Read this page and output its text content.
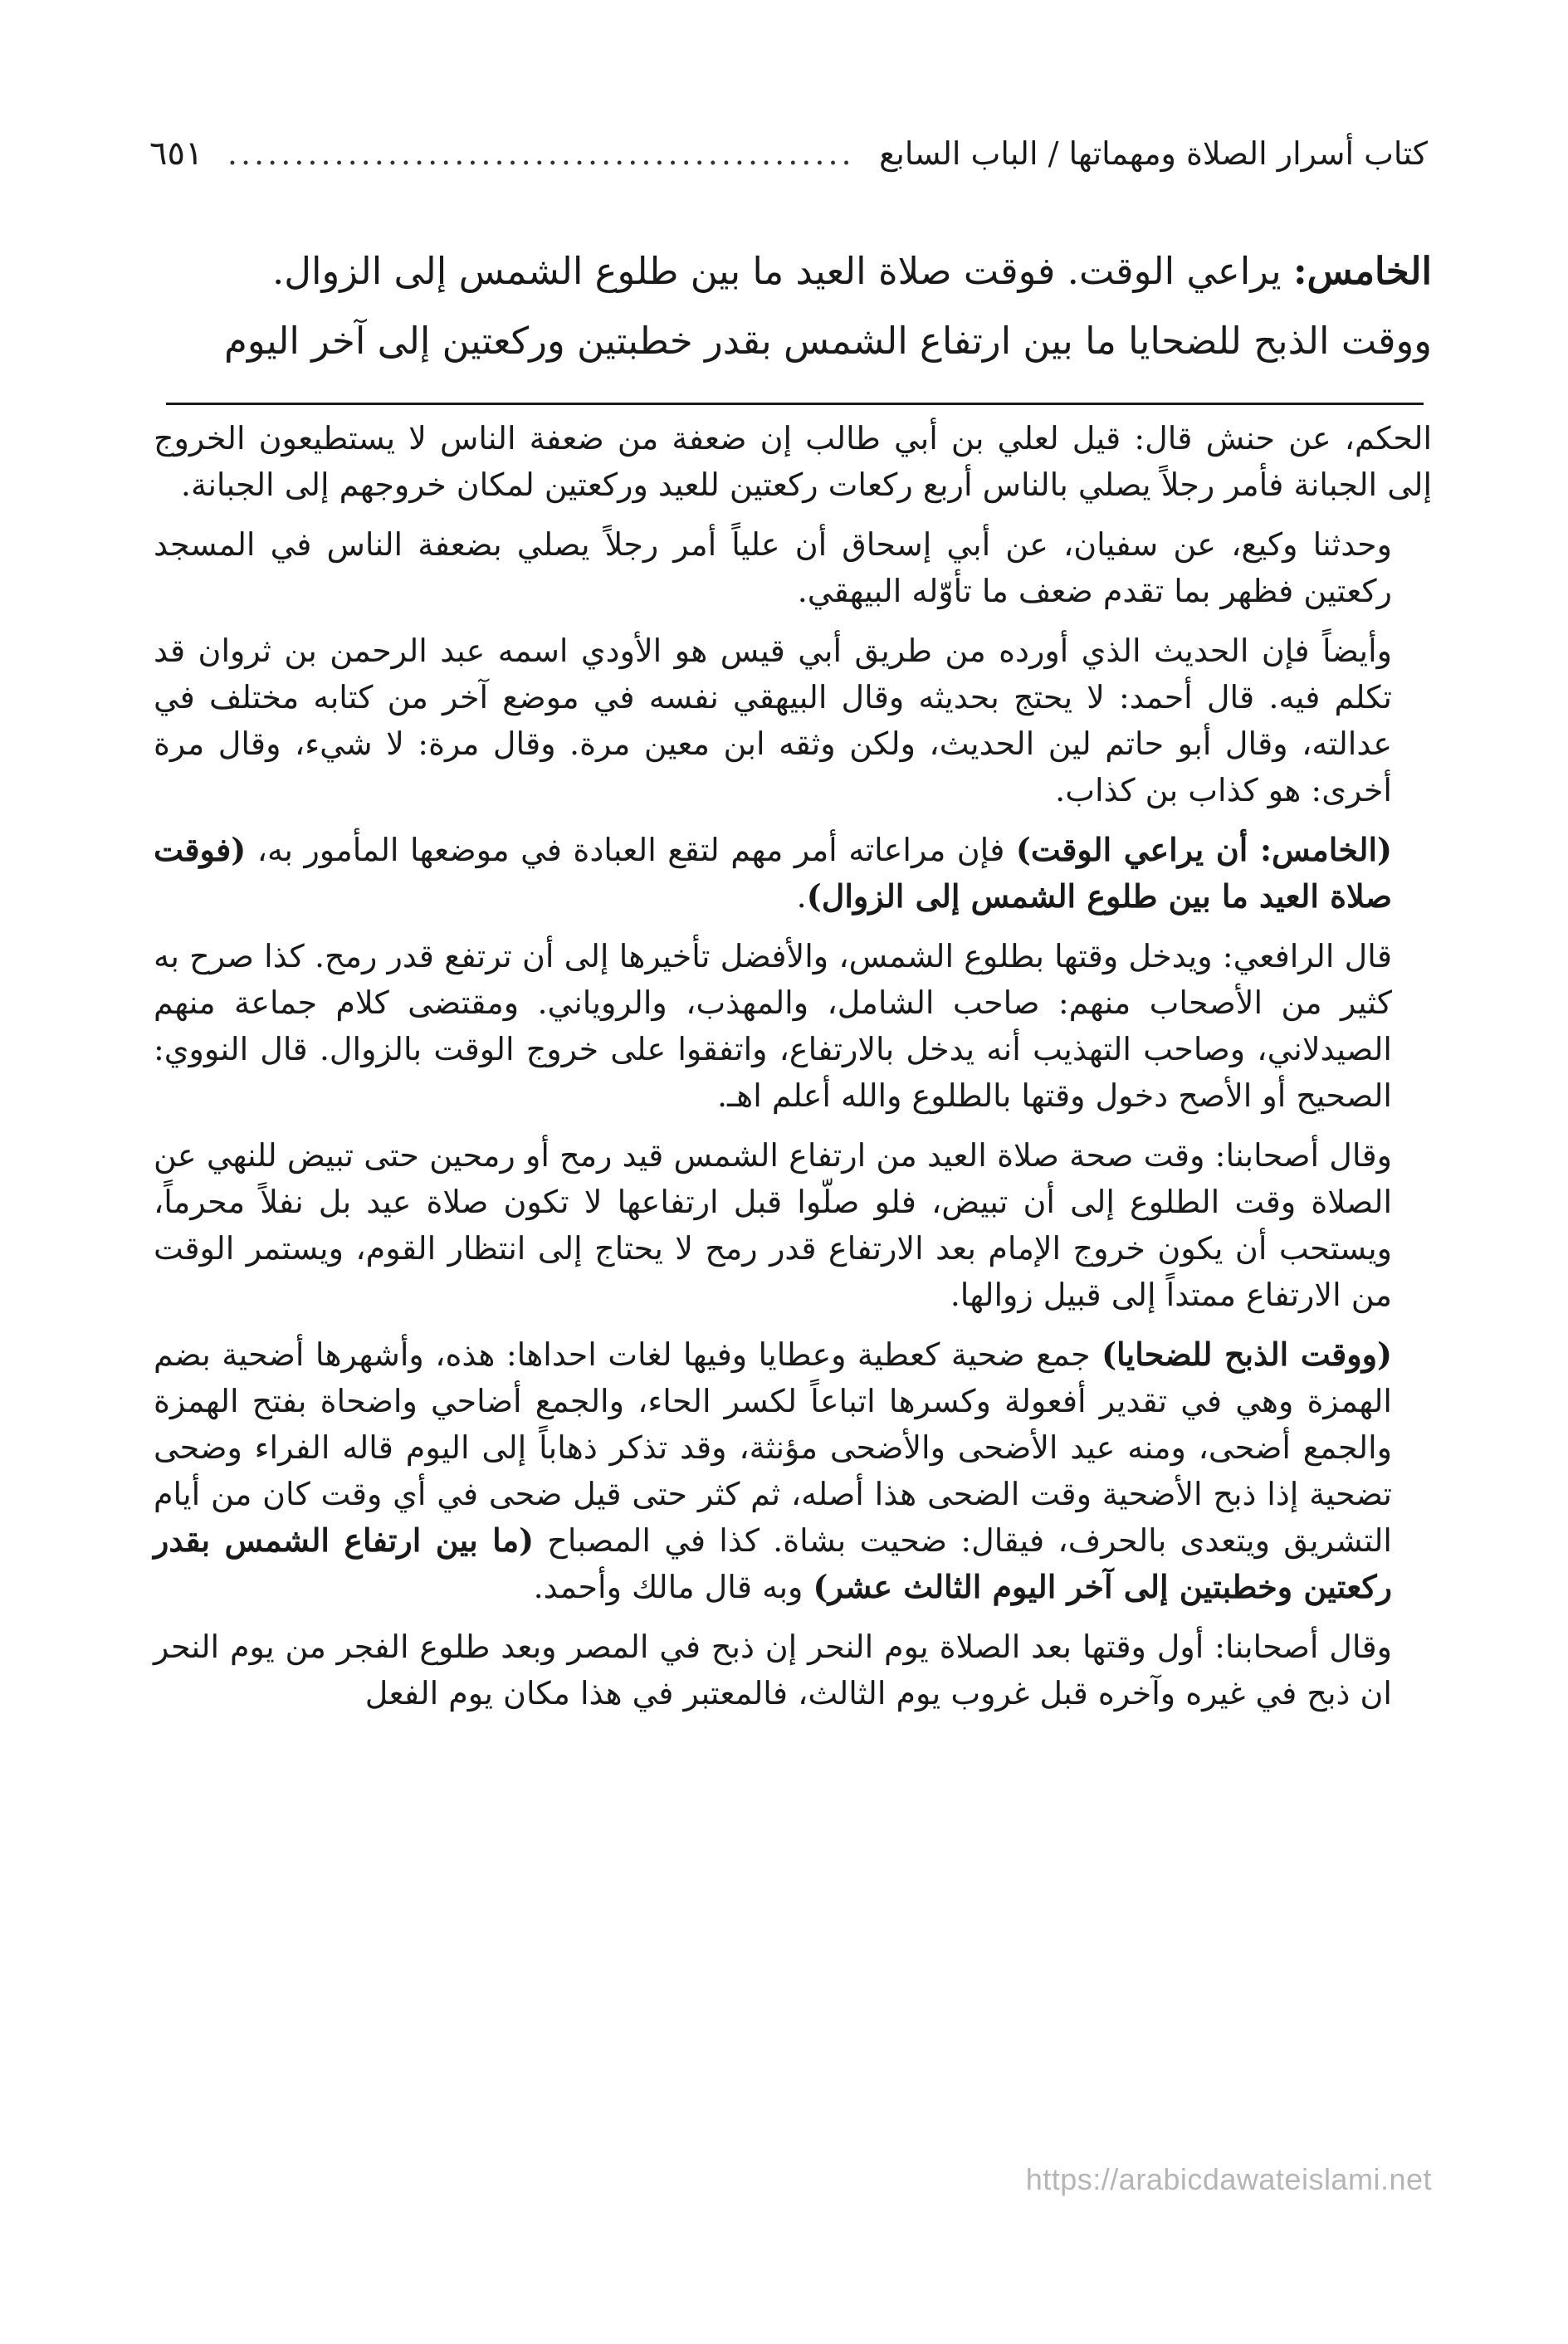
كتاب أسرار الصلاة ومهماتها / الباب السابع
...............................................
٦٥١

الخامس: يراعي الوقت. فوقت صلاة العيد ما بين طلوع الشمس إلى الزوال.

ووقت الذبح للضحايا ما بين ارتفاع الشمس بقدر خطبتين وركعتين إلى آخر اليوم

الحكم، عن حنش قال: قيل لعلي بن أبي طالب إن ضعفة من ضعفة الناس لا يستطيعون الخروج إلى الجبانة فأمر رجلاً يصلي بالناس أربع ركعات ركعتين للعيد وركعتين لمكان خروجهم إلى الجبانة.

وحدثنا وكيع، عن سفيان، عن أبي إسحاق أن علياً أمر رجلاً يصلي بضعفة الناس في المسجد ركعتين فظهر بما تقدم ضعف ما تأوّله البيهقي.

وأيضاً فإن الحديث الذي أورده من طريق أبي قيس هو الأودي اسمه عبد الرحمن بن ثروان قد تكلم فيه. قال أحمد: لا يحتج بحديثه وقال البيهقي نفسه في موضع آخر من كتابه مختلف في عدالته، وقال أبو حاتم لين الحديث، ولكن وثقه ابن معين مرة. وقال مرة: لا شيء، وقال مرة أخرى: هو كذاب بن كذاب.

(الخامس: أن يراعي الوقت) فإن مراعاته أمر مهم لتقع العبادة في موضعها المأمور به، (فوقت صلاة العيد ما بين طلوع الشمس إلى الزوال).

قال الرافعي: ويدخل وقتها بطلوع الشمس، والأفضل تأخيرها إلى أن ترتفع قدر رمح. كذا صرح به كثير من الأصحاب منهم: صاحب الشامل، والمهذب، والروياني. ومقتضى كلام جماعة منهم الصيدلاني، وصاحب التهذيب أنه يدخل بالارتفاع، واتفقوا على خروج الوقت بالزوال. قال النووي: الصحيح أو الأصح دخول وقتها بالطلوع والله أعلم اهـ.

وقال أصحابنا: وقت صحة صلاة العيد من ارتفاع الشمس قيد رمح أو رمحين حتى تبيض للنهي عن الصلاة وقت الطلوع إلى أن تبيض، فلو صلّوا قبل ارتفاعها لا تكون صلاة عيد بل نفلاً محرماً، ويستحب أن يكون خروج الإمام بعد الارتفاع قدر رمح لا يحتاج إلى انتظار القوم، ويستمر الوقت من الارتفاع ممتداً إلى قبيل زوالها.

(ووقت الذبح للضحايا) جمع ضحية كعطية وعطايا وفيها لغات احداها: هذه، وأشهرها أضحية بضم الهمزة وهي في تقدير أفعولة وكسرها اتباعاً لكسر الحاء، والجمع أضاحي واضحاة بفتح الهمزة والجمع أضحى، ومنه عيد الأضحى والأضحى مؤنثة، وقد تذكر ذهاباً إلى اليوم قاله الفراء وضحى تضحية إذا ذبح الأضحية وقت الضحى هذا أصله، ثم كثر حتى قيل ضحى في أي وقت كان من أيام التشريق ويتعدى بالحرف، فيقال: ضحيت بشاة. كذا في المصباح (ما بين ارتفاع الشمس بقدر ركعتين وخطبتين إلى آخر اليوم الثالث عشر) وبه قال مالك وأحمد.

وقال أصحابنا: أول وقتها بعد الصلاة يوم النحر إن ذبح في المصر وبعد طلوع الفجر من يوم النحر ان ذبح في غيره وآخره قبل غروب يوم الثالث، فالمعتبر في هذا مكان يوم الفعل

https://arabicdawateislami.net
